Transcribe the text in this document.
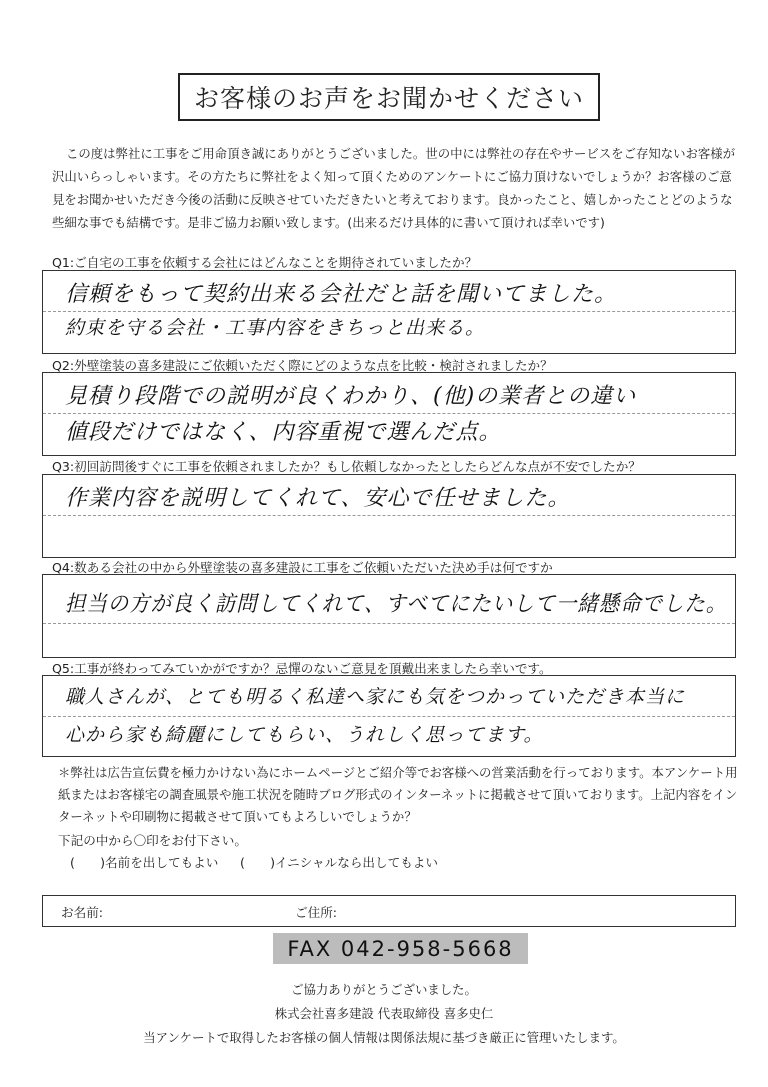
お客様のお声をお聞かせください
この度は弊社に工事をご用命頂き誠にありがとうございました。世の中には弊社の存在やサービスをご存知ないお客様が沢山いらっしゃいます。その方たちに弊社をよく知って頂くためのアンケートにご協力頂けないでしょうか？お客様のご意見をお聞かせいただき今後の活動に反映させていただきたいと考えております。良かったこと、嬉しかったことどのような些細な事でも結構です。是非ご協力お願い致します。(出来るだけ具体的に書いて頂ければ幸いです)
Q1:ご自宅の工事を依頼する会社にはどんなことを期待されていましたか？
信頼をもって契約出来る会社だと話を聞いてました。
約束を守る会社・工事内容をきちっと出来る。
Q2:外壁塗装の喜多建設にご依頼いただく際にどのような点を比較・検討されましたか？
見積り段階での説明が良くわかり、(他)の業者との違い
値段だけではなく、内容重視で選んだ点。
Q3:初回訪問後すぐに工事を依頼されましたか？もし依頼しなかったとしたらどんな点が不安でしたか？
作業内容を説明してくれて、安心で任せました。
Q4:数ある会社の中から外壁塗装の喜多建設に工事をご依頼いただいた決め手は何ですか
担当の方が良く訪問してくれて、すべてにたいして一緒懸命でした。
Q5:工事が終わってみていかがですか？忌憚のないご意見を頂戴出来ましたら幸いです。
職人さんが、とても明るく私達へ家にも気をつかっていただき本当に
心から家も綺麗にしてもらい、うれしく思ってます。
＊弊社は広告宣伝費を極力かけない為にホームページとご紹介等でお客様への営業活動を行っております。本アンケート用紙またはお客様宅の調査風景や施工状況を随時ブログ形式のインターネットに掲載させて頂いております。上記内容をインターネットや印刷物に掲載させて頂いてもよろしいでしょうか？
下記の中から〇印をお付下さい。
(　　)名前を出してもよい (　　)イニシャルなら出してもよい
お名前:	ご住所:
FAX 042-958-5668
ご協力ありがとうございました。
株式会社喜多建設 代表取締役 喜多史仁
当アンケートで取得したお客様の個人情報は関係法規に基づき厳正に管理いたします。
